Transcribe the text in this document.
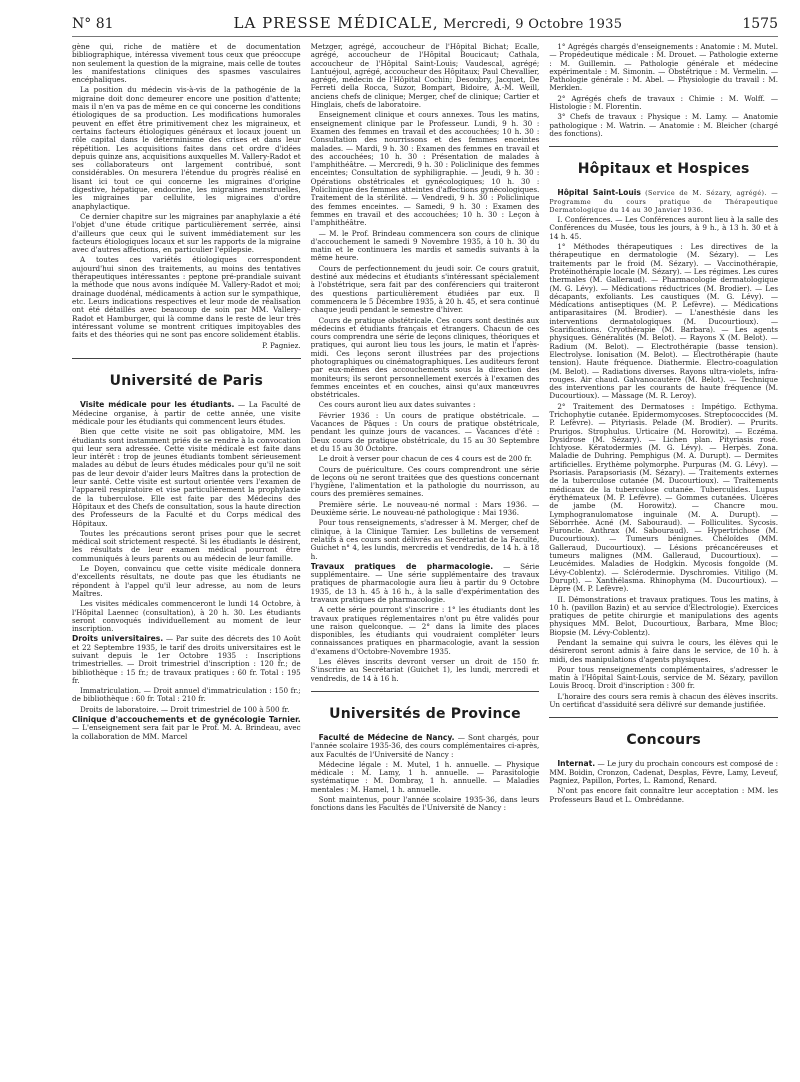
N° 81	LA PRESSE MÉDICALE, Mercredi, 9 Octobre 1935	1575

gène qui, riche de matière et de documentation bibliographique, intéressa vivement tous ceux que préoccupe non seulement la question de la migraine, mais celle de toutes les manifestations cliniques des spasmes vasculaires encéphaliques.

La position du médecin vis-à-vis de la pathogénie de la migraine doit donc demeurer encore une position d'attente; mais il n'en va pas de même en ce qui concerne les conditions étiologiques de sa production. Les modifications humorales peuvent en effet être primitivement chez les migraineux, et certains facteurs étiologiques généraux et locaux jouent un rôle capital dans le déterminisme des crises et dans leur répétition. Les acquisitions faites dans cet ordre d'idées depuis quinze ans, acquisitions auxquelles M. Vallery-Radot et ses collaborateurs ont largement contribué, sont considérables. On mesurera l'étendue du progrès réalisé en lisant ici tout ce qui concerne les migraines d'origine digestive, hépatique, endocrine, les migraines menstruelles, les migraines par cellulite, les migraines d'ordre anaphylactique.

Ce dernier chapitre sur les migraines par anaphylaxie a été l'objet d'une étude critique particulièrement serrée, ainsi d'ailleurs que ceux qui le suivent immédiatement sur les facteurs étiologiques locaux et sur les rapports de la migraine avec d'autres affections, en particulier l'épilepsie.

A toutes ces variétés étiologiques correspondent aujourd'hui sinon des traitements, au moins des tentatives thérapeutiques intéressantes : peptone pré-prandiale suivant la méthode que nous avons indiquée M. Vallery-Radot et moi; drainage duodénal, médicaments à action sur le sympathique, etc. Leurs indications respectives et leur mode de réalisation ont été détaillés avec beaucoup de soin par MM. Vallery-Radot et Hamburger, qui là comme dans le reste de leur très intéressant volume se montrent critiques impitoyables des faits et des théories qui ne sont pas encore solidement établis.

P. Pagniez.
Université de Paris

Visite médicale pour les étudiants. — La Faculté de Médecine organise, à partir de cette année, une visite médicale pour les étudiants qui commencent leurs études.

Bien que cette visite ne soit pas obligatoire, MM. les étudiants sont instamment priés de se rendre à la convocation qui leur sera adressée. Cette visite médicale est faite dans leur intérêt : trop de jeunes étudiants tombent sérieusement malades au début de leurs études médicales pour qu'il ne soit pas de leur devoir d'aider leurs Maîtres dans la protection de leur santé. Cette visite est surtout orientée vers l'examen de l'appareil respiratoire et vise particulièrement la prophylaxie de la tuberculose. Elle est faite par des Médecins des Hôpitaux et des Chefs de consultation, sous la haute direction des Professeurs de la Faculté et du Corps médical des Hôpitaux.

Toutes les précautions seront prises pour que le secret médical soit strictement respecté. Si les étudiants le désirent, les résultats de leur examen médical pourront être communiqués à leurs parents ou au médecin de leur famille.

Le Doyen, convaincu que cette visite médicale donnera d'excellents résultats, ne doute pas que les étudiants ne répondent à l'appel qu'il leur adresse, au nom de leurs Maîtres.

Les visites médicales commenceront le lundi 14 Octobre, à l'Hôpital Laennec (consultation), à 20 h. 30. Les étudiants seront convoqués individuellement au moment de leur inscription.

Droits universitaires. — Par suite des décrets des 10 Août et 22 Septembre 1935, le tarif des droits universitaires est le suivant depuis le 1er Octobre 1935 : Inscriptions trimestrielles. — Droit trimestriel d'inscription : 120 fr.; de bibliothèque : 15 fr.; de travaux pratiques : 60 fr. Total : 195 fr.

Immatriculation. — Droit annuel d'immatriculation : 150 fr.; de bibliothèque : 60 fr. Total : 210 fr.

Droits de laboratoire. — Droit trimestriel de 100 à 500 fr.

Clinique d'accouchements et de gynécologie Tarnier. — L'enseignement sera fait par le Prof. M. A. Brindeau, avec la collaboration de MM. Marcel

Metzger, agrégé, accoucheur de l'Hôpital Bichat; Ecalle, agrégé, accoucheur de l'Hôpital Boucicaut; Cathala, accoucheur de l'Hôpital Saint-Louis; Vaudescal, agrégé; Lantuéjoul, agrégé, accoucheur des Hôpitaux; Paul Chevallier, agrégé, médecin de l'Hôpital Cochin; Desoubry, Jacquet, De Ferreti della Rocca, Suzor, Bompart, Bidoire, A.-M. Weill, anciens chefs de clinique; Merger, chef de clinique; Cartier et Hinglais, chefs de laboratoire.

Enseignement clinique et cours annexes. Tous les matins, enseignement clinique par le Professeur. Lundi, 9 h. 30 : Examen des femmes en travail et des accouchées; 10 h. 30 : Consultation des nourrissons et des femmes enceintes malades. — Mardi, 9 h. 30 : Examen des femmes en travail et des accouchées; 10 h. 30 : Présentation de malades à l'amphithéâtre. — Mercredi, 9 h. 30 : Policlinique des femmes enceintes; Consultation de syphiligraphie. — Jeudi, 9 h. 30 : Opérations obstétricales et gynécologiques; 10 h. 30 : Policlinique des femmes atteintes d'affections gynécologiques. Traitement de la stérilité. — Vendredi, 9 h. 30 : Policlinique des femmes enceintes. — Samedi, 9 h. 30 : Examen des femmes en travail et des accouchées; 10 h. 30 : Leçon à l'amphithéâtre.

— M. le Prof. Brindeau commencera son cours de clinique d'accouchement le samedi 9 Novembre 1935, à 10 h. 30 du matin et le continuera les mardis et samedis suivants à la même heure.

Cours de perfectionnement du jeudi soir. Ce cours gratuit, destiné aux médecins et étudiants s'intéressant spécialement à l'obstétrique, sera fait par des conférenciers qui traiteront des questions particulièrement étudiées par eux. Il commencera le 5 Décembre 1935, à 20 h. 45, et sera continué chaque jeudi pendant le semestre d'hiver.

Cours de pratique obstétricale. Ces cours sont destinés aux médecins et étudiants français et étrangers. Chacun de ces cours comprendra une série de leçons cliniques, théoriques et pratiques, qui auront lieu tous les jours, le matin et l'après-midi. Ces leçons seront illustrées par des projections photographiques ou cinématographiques. Les auditeurs feront par eux-mêmes des accouchements sous la direction des moniteurs; ils seront personnellement exercés à l'examen des femmes enceintes et en couches, ainsi qu'aux manœuvres obstétricales.

Ces cours auront lieu aux dates suivantes :

Février 1936 : Un cours de pratique obstétricale. — Vacances de Pâques : Un cours de pratique obstétricale, pendant les quinze jours de vacances. — Vacances d'été : Deux cours de pratique obstétricale, du 15 au 30 Septembre et du 15 au 30 Octobre.

Le droit à verser pour chacun de ces 4 cours est de 200 fr.

Cours de puériculture. Ces cours comprendront une série de leçons où ne seront traitées que des questions concernant l'hygiène, l'alimentation et la pathologie du nourrisson, au cours des premières semaines.

Première série. Le nouveau-né normal : Mars 1936. — Deuxième série. Le nouveau-né pathologique : Mai 1936.

Pour tous renseignements, s'adresser à M. Merger, chef de clinique, à la Clinique Tarnier. Les bulletins de versement relatifs à ces cours sont délivrés au Secrétariat de la Faculté, Guichet n° 4, les lundis, mercredis et vendredis, de 14 h. à 18 h.

Travaux pratiques de pharmacologie. — Série supplémentaire. — Une série supplémentaire des travaux pratiques de pharmacologie aura lieu à partir du 9 Octobre 1935, de 13 h. 45 à 16 h., à la salle d'expérimentation des travaux pratiques de pharmacologie.

A cette série pourront s'inscrire : 1° les étudiants dont les travaux pratiques réglementaires n'ont pu être validés pour une raison quelconque. — 2° dans la limite des places disponibles, les étudiants qui voudraient compléter leurs connaissances pratiques en pharmacologie, avant la session d'examens d'Octobre-Novembre 1935.

Les élèves inscrits devront verser un droit de 150 fr. S'inscrire au Secrétariat (Guichet 1), les lundi, mercredi et vendredis, de 14 à 16 h.

Universités de Province

Faculté de Médecine de Nancy. — Sont chargés, pour l'année scolaire 1935-36, des cours complémentaires ci-après, aux Facultés de l'Université de Nancy :

Médecine légale : M. Mutel, 1 h. annuelle. — Physique médicale : M. Lamy, 1 h. annuelle. — Parasitologie systématique : M. Dombray, 1 h. annuelle. — Maladies mentales : M. Hamel, 1 h. annuelle.

Sont maintenus, pour l'année scolaire 1935-36, dans leurs fonctions dans les Facultés de l'Université de Nancy :

1° Agrégés chargés d'enseignements : Anatomie : M. Mutel. — Propédeutique médicale : M. Drouet. — Pathologie externe : M. Guillemin. — Pathologie générale et médecine expérimentale : M. Simonin. — Obstétrique : M. Vermelin. — Pathologie générale : M. Abel. — Physiologie du travail : M. Merklen.

2° Agrégés chefs de travaux : Chimie : M. Wolff. — Histologie : M. Florentin.

3° Chefs de travaux : Physique : M. Lamy. — Anatomie pathologique : M. Watrin. — Anatomie : M. Bleicher (chargé des fonctions).

Hôpitaux et Hospices

Hôpital Saint-Louis (Service de M. Sézary, agrégé). — Programme du cours pratique de Thérapeutique Dermatologique du 14 au 30 Janvier 1936.

I. Conférences. — Les Conférences auront lieu à la salle des Conférences du Musée, tous les jours, à 9 h., à 13 h. 30 et à 14 h. 45.

1° Méthodes thérapeutiques : Les directives de la thérapeutique en dermatologie (M. Sézary). — Les traitements par le froid (M. Sézary). — Vaccinothérapie, Protéinothérapie locale (M. Sézary). — Les régimes. Les cures thermales (M. Galleraud). — Pharmacologie dermatologique (M. G. Lévy). — Médications réductrices (M. Brodier). — Les décapants, exfoliants. Les caustiques (M. G. Lévy). — Médications antiseptiques (M. P. Lefèvre). — Médications antiparasitaires (M. Brodier). — L'anesthésie dans les interventions dermatologiques (M. Ducourtioux). — Scarifications. Cryothérapie (M. Barbara). — Les agents physiques. Généralités (M. Belot). — Rayons X (M. Belot). — Radium (M. Belot). — Electrothérapie (basse tension). Electrolyse. Ionisation (M. Belot). — Electrothérapie (haute tension). Haute fréquence. Diathermie. Electro-coagulation (M. Belot). — Radiations diverses. Rayons ultra-violets, infra-rouges. Air chaud. Galvanocautère (M. Belot). — Technique des interventions par les courants de haute fréquence (M. Ducourtioux). — Massage (M. R. Leroy).

2° Traitement des Dermatoses : Impétigo. Ecthyma. Trichophytie cutanée. Epidermomycoses. Streptococcides (M. P. Lefèvre). — Pityriasis. Pelade (M. Brodier). — Prurits. Prurigos. Strophulus. Urticaire (M. Horowitz). — Eczéma. Dysidrose (M. Sézary). — Lichen plan. Pityriasis rosé. Ichtyose. Kératodermies (M. G. Lévy). — Herpès. Zona. Maladie de Duhring. Pemphigus (M. A. Durupt). — Dermites artificielles. Erythème polymorphe. Purpuras (M. G. Lévy). — Psoriasis. Parapsoriasis (M. Sézary). — Traitements externes de la tuberculose cutanée (M. Ducourtioux). — Traitements médicaux de la tuberculose cutanée. Tuberculides. Lupus érythémateux (M. P. Lefèvre). — Gommes cutanées. Ulcères de jambe (M. Horowitz). — Chancre mou. Lymphogranulomatose inguinale (M. A. Durupt). — Séborrhée. Acné (M. Sabouraud). — Folliculites. Sycosis. Furoncle. Anthrax (M. Sabouraud). — Hypertrichose (M. Ducourtioux). — Tumeurs bénignes. Chéloïdes (MM. Galleraud, Ducourtioux). — Lésions précancéreuses et tumeurs malignes (MM. Galleraud, Ducourtioux). — Leucémides. Maladies de Hodgkin. Mycosis fongoïde (M. Lévy-Coblentz). — Sclérodermie. Dyschromies. Vitiligo (M. Durupt). — Xanthélasma. Rhinophyma (M. Ducourtioux). — Lèpre (M. P. Lefèvre).

II. Démonstrations et travaux pratiques. Tous les matins, à 10 h. (pavillon Bazin) et au service d'Electrologie). Exercices pratiques de petite chirurgie et manipulations des agents physiques MM. Belot, Ducourtioux, Barbara, Mme Bloc; Biopsie (M. Lévy-Coblentz).

Pendant la semaine qui suivra le cours, les élèves qui le désireront seront admis à faire dans le service, de 10 h. à midi, des manipulations d'agents physiques.

Pour tous renseignements complémentaires, s'adresser le matin à l'Hôpital Saint-Louis, service de M. Sézary, pavillon Louis Brocq. Droit d'inscription : 300 fr.

L'horaire des cours sera remis à chacun des élèves inscrits. Un certificat d'assiduité sera délivré sur demande justifiée.

Concours

Internat. — Le jury du prochain concours est composé de : MM. Boidin, Cronzon, Cadenat, Desplas, Fèvre, Lamy, Leveuf, Pagniez, Papillon, Portes, L. Ramond, Renard.

N'ont pas encore fait connaître leur acceptation : MM. les Professeurs Baud et L. Ombrédanne.
